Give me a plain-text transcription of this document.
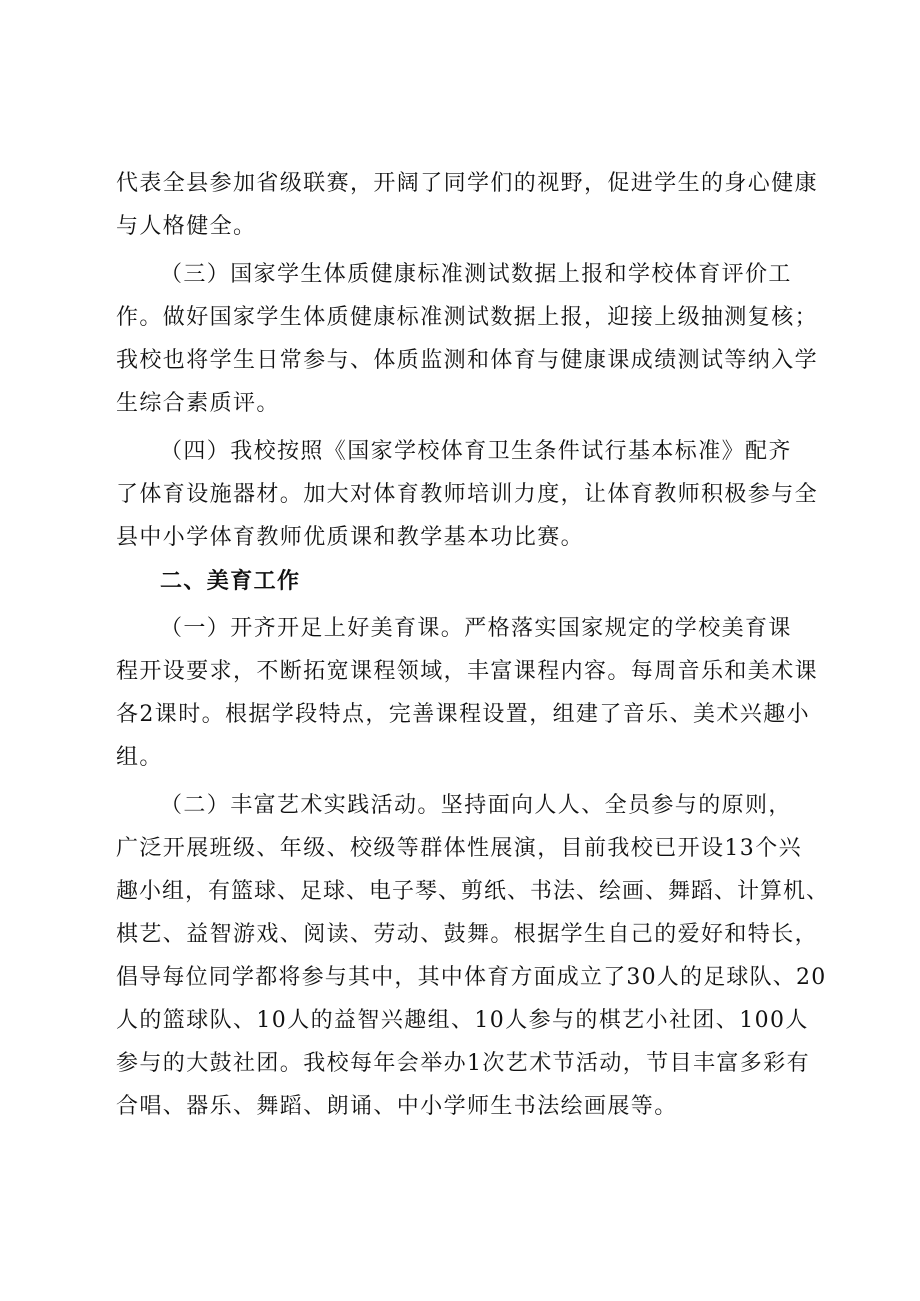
代表全县参加省级联赛，开阔了同学们的视野，促进学生的身心健康
与人格健全。
（三）国家学生体质健康标准测试数据上报和学校体育评价工
作。做好国家学生体质健康标准测试数据上报，迎接上级抽测复核；
我校也将学生日常参与、体质监测和体育与健康课成绩测试等纳入学
生综合素质评。
（四）我校按照《国家学校体育卫生条件试行基本标准》配齐
了体育设施器材。加大对体育教师培训力度，让体育教师积极参与全
县中小学体育教师优质课和教学基本功比赛。
二、美育工作
（一）开齐开足上好美育课。严格落实国家规定的学校美育课
程开设要求，不断拓宽课程领域，丰富课程内容。每周音乐和美术课
各2课时。根据学段特点，完善课程设置，组建了音乐、美术兴趣小
组。
（二）丰富艺术实践活动。坚持面向人人、全员参与的原则，
广泛开展班级、年级、校级等群体性展演，目前我校已开设13个兴
趣小组，有篮球、足球、电子琴、剪纸、书法、绘画、舞蹈、计算机、
棋艺、益智游戏、阅读、劳动、鼓舞。根据学生自己的爱好和特长，
倡导每位同学都将参与其中，其中体育方面成立了30人的足球队、20
人的篮球队、10人的益智兴趣组、10人参与的棋艺小社团、100人
参与的大鼓社团。我校每年会举办1次艺术节活动，节目丰富多彩有
合唱、器乐、舞蹈、朗诵、中小学师生书法绘画展等。
